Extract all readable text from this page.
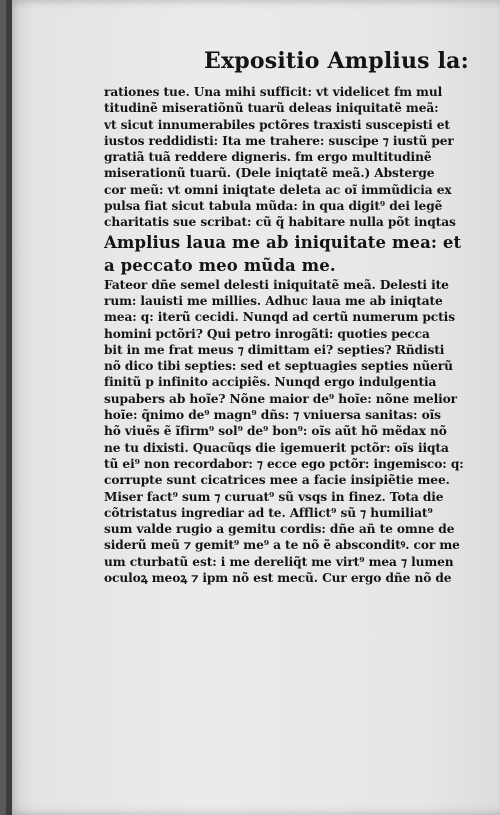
Expositio Amplius la:
rationes tue. Una mihi sufficit: vt videlicet fm mul
titudinẽ miseratiõnũ tuarũ deleas iniquitatẽ meã:
vt sicut innumerabiles pctõres traxisti suscepisti et
iustos reddidisti: Ita me trahere: suscipe ⁊ iustũ per
gratiã tuã reddere digneris. fm ergo multitudinẽ
miserationũ tuarũ. (Dele iniqtatẽ meã.) Absterge
cor meũ: vt omni iniqtate deleta ac oĩ immũdicia ex
pulsa fiat sicut tabula mũda: in qua digit⁹ dei legẽ
charitatis sue scribat: cũ q̃ habitare nulla põt inqtas
Amplius laua me ab iniquitate mea: et
a peccato meo mũda me.
Fateor dñe semel delesti iniquitatẽ meã. Delesti ite
rum: lauisti me millies. Adhuc laua me ab iniqtate
mea: q: iterũ cecidi. Nunqd ad certũ numerum pctis
homini pctõri? Qui petro inrogãti: quoties pecca
bit in me frat meus ⁊ dimittam ei? septies? Rñdisti
nõ dico tibi septies: sed et septuagies septies nũerũ
finitũ p infinito accipiẽs. Nunqd ergo indulgentia
supabers ab hoĩe? Nõne maior de⁹ hoĩe: nõne melior
hoĩe: q̃nimo de⁹ magn⁹ dñs: ⁊ vniuersa sanitas: oĩs
hõ viuẽs ẽ ĩfirm⁹ sol⁹ de⁹ bon⁹: oĩs aũt hõ mẽdax nõ
ne tu dixisti. Quacũqs die igemuerit pctõr: oĩs iiqta
tũ ei⁹ non recordabor: ⁊ ecce ego pctõr: ingemisco: q:
corrupte sunt cicatrices mee a facie insipiẽtie mee.
Miser fact⁹ sum ⁊ curuat⁹ sũ vsqs in finez. Tota die
cõtristatus ingrediar ad te. Afflict⁹ sũ ⁊ humiliat⁹
sum valde rugio a gemitu cordis: dñe añ te omne de
siderũ meũ ⁊ gemit⁹ me⁹ a te nõ ẽ absconditꝰ. cor me
um cturbatũ est: i me dereliq̃t me virt⁹ mea ⁊ lumen
oculoꝝ meoꝝ ⁊ ipm nõ est mecũ. Cur ergo dñe nõ de
